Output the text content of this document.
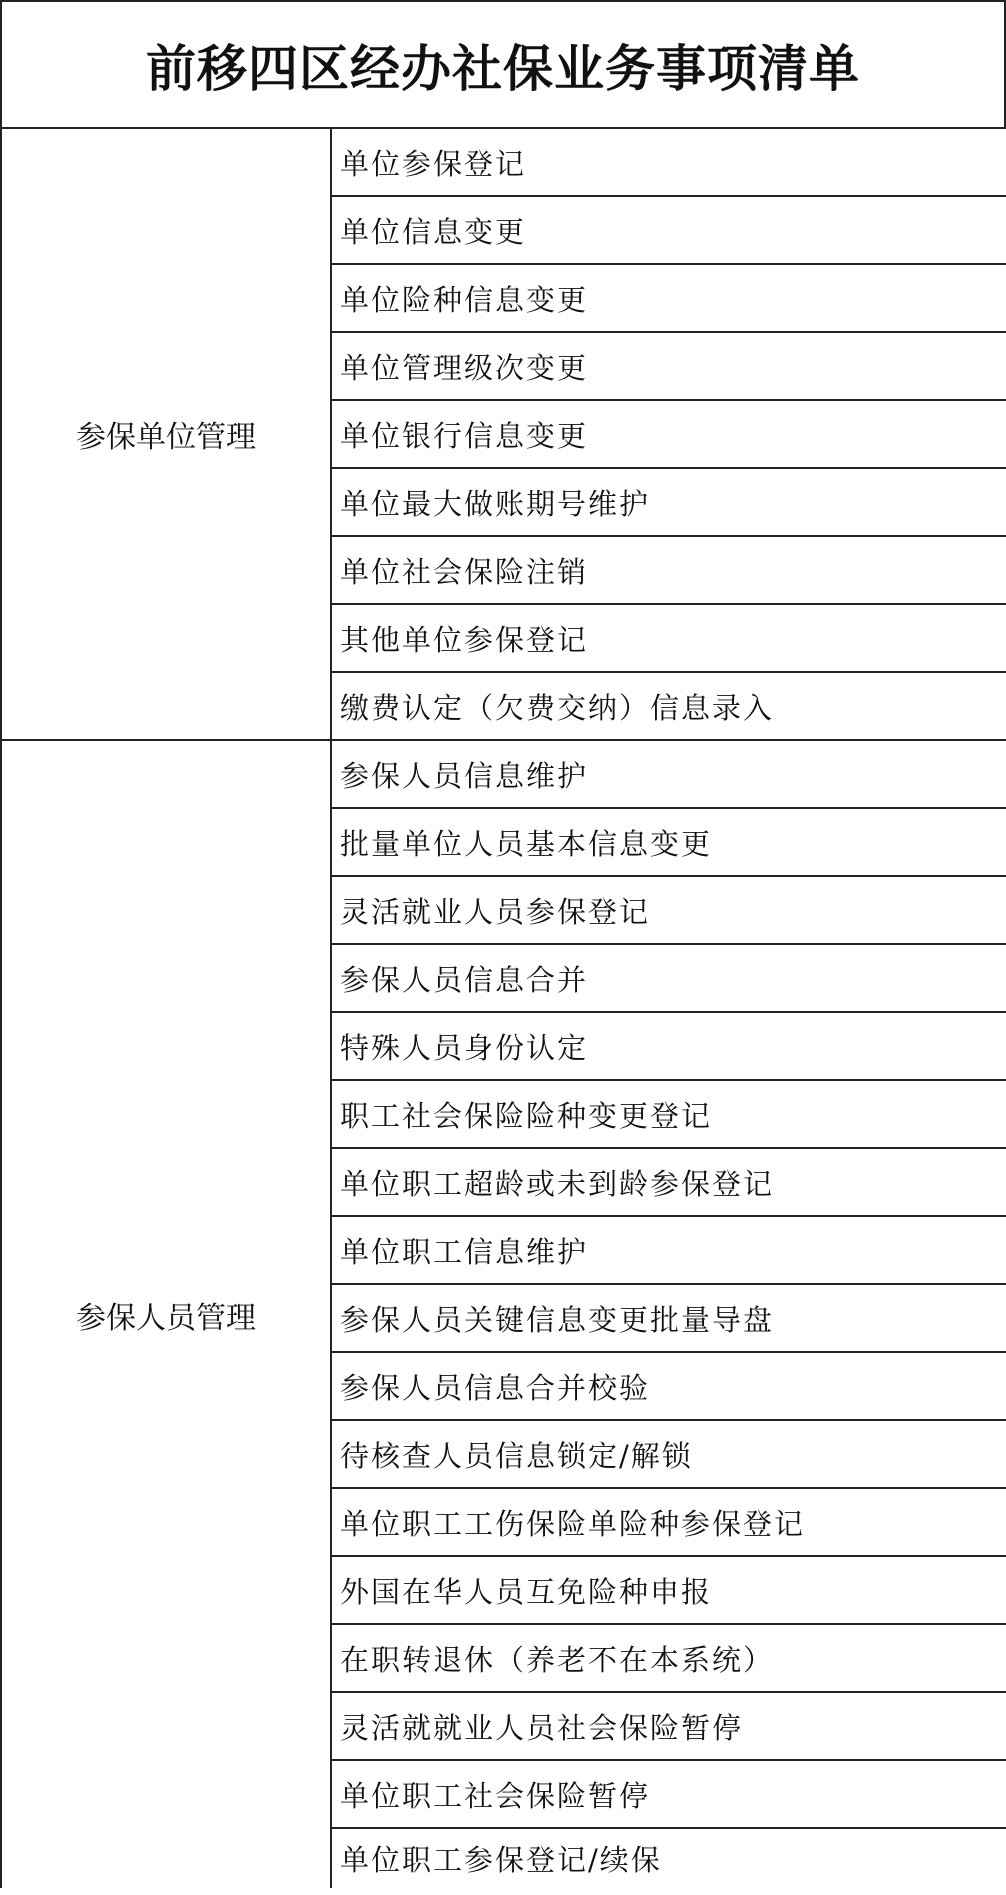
前移四区经办社保业务事项清单
参保单位管理	单位参保登记
	单位信息变更
	单位险种信息变更
	单位管理级次变更
	单位银行信息变更
	单位最大做账期号维护
	单位社会保险注销
	其他单位参保登记
	缴费认定（欠费交纳）信息录入
参保人员管理	参保人员信息维护
	批量单位人员基本信息变更
	灵活就业人员参保登记
	参保人员信息合并
	特殊人员身份认定
	职工社会保险险种变更登记
	单位职工超龄或未到龄参保登记
	单位职工信息维护
	参保人员关键信息变更批量导盘
	参保人员信息合并校验
	待核查人员信息锁定/解锁
	单位职工工伤保险单险种参保登记
	外国在华人员互免险种申报
	在职转退休（养老不在本系统）
	灵活就就业人员社会保险暂停
	单位职工社会保险暂停
	单位职工参保登记/续保
